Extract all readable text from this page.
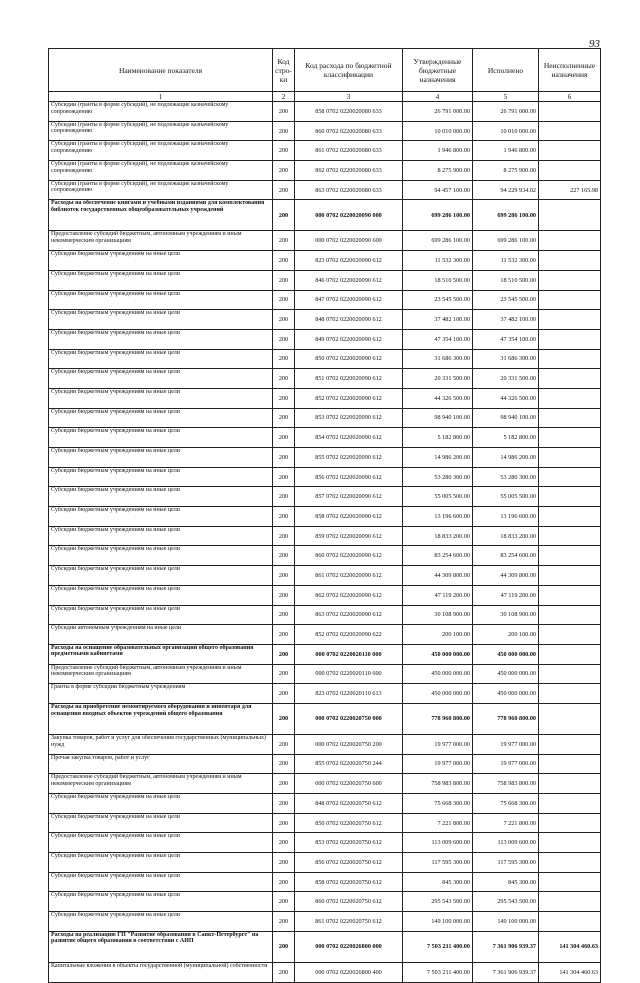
93
Наименование показателя	Код стро-ки	Код расхода по бюджетной классификации	Утвержденные бюджетные назначения	Исполнено	Неисполненные назначения
1	2	3	4	5	6
Субсидии (гранты в форме субсидий), не подлежащие казначейскому сопровождению	200	858 0702 0220020080 633	26 791 000.00	26 791 000.00	
Субсидии (гранты в форме субсидий), не подлежащие казначейскому сопровождению	200	860 0702 0220020080 633	10 010 000.00	10 010 000.00	
Субсидии (гранты в форме субсидий), не подлежащие казначейскому сопровождению	200	861 0702 0220020080 633	1 946 800.00	1 946 800.00	
Субсидии (гранты в форме субсидий), не подлежащие казначейскому сопровождению	200	862 0702 0220020080 633	8 275 900.00	8 275 900.00	
Субсидии (гранты в форме субсидий), не подлежащие казначейскому сопровождению	200	863 0702 0220020080 633	94 457 100.00	94 229 934.02	227 165.98
Расходы на обеспечение книгами и учебными изданиями для комплектования библиотек государственных общеобразовательных учреждений	200	000 0702 0220020090 000	699 286 100.00	699 286 100.00	
Предоставление субсидий бюджетным, автономным учреждениям и иным некоммерческим организациям	200	000 0702 0220020090 600	699 286 100.00	699 286 100.00	
Субсидии бюджетным учреждениям на иные цели	200	823 0702 0220020090 612	11 532 300.00	11 532 300.00	
Субсидии бюджетным учреждениям на иные цели	200	846 0702 0220020090 612	18 510 500.00	18 510 500.00	
Субсидии бюджетным учреждениям на иные цели	200	847 0702 0220020090 612	23 545 500.00	23 545 500.00	
Субсидии бюджетным учреждениям на иные цели	200	848 0702 0220020090 612	37 482 100.00	37 482 100.00	
Субсидии бюджетным учреждениям на иные цели	200	849 0702 0220020090 612	47 354 100.00	47 354 100.00	
Субсидии бюджетным учреждениям на иные цели	200	850 0702 0220020090 612	31 686 300.00	31 686 300.00	
Субсидии бюджетным учреждениям на иные цели	200	851 0702 0220020090 612	20 331 500.00	20 331 500.00	
Субсидии бюджетным учреждениям на иные цели	200	852 0702 0220020090 612	44 326 500.00	44 326 500.00	
Субсидии бюджетным учреждениям на иные цели	200	853 0702 0220020090 612	98 940 100.00	98 940 100.00	
Субсидии бюджетным учреждениям на иные цели	200	854 0702 0220020090 612	5 182 800.00	5 182 800.00	
Субсидии бюджетным учреждениям на иные цели	200	855 0702 0220020090 612	14 986 200.00	14 986 200.00	
Субсидии бюджетным учреждениям на иные цели	200	856 0702 0220020090 612	53 280 300.00	53 280 300.00	
Субсидии бюджетным учреждениям на иные цели	200	857 0702 0220020090 612	55 005 500.00	55 005 500.00	
Субсидии бюджетным учреждениям на иные цели	200	858 0702 0220020090 612	13 196 600.00	13 196 600.00	
Субсидии бюджетным учреждениям на иные цели	200	859 0702 0220020090 612	18 833 200.00	18 833 200.00	
Субсидии бюджетным учреждениям на иные цели	200	860 0702 0220020090 612	83 254 600.00	83 254 600.00	
Субсидии бюджетным учреждениям на иные цели	200	861 0702 0220020090 612	44 309 800.00	44 309 800.00	
Субсидии бюджетным учреждениям на иные цели	200	862 0702 0220020090 612	47 119 200.00	47 119 200.00	
Субсидии бюджетным учреждениям на иные цели	200	863 0702 0220020090 612	30 108 900.00	30 108 900.00	
Субсидии автономным учреждениям на иные цели	200	852 0702 0220020090 622	200 100.00	200 100.00	
Расходы на оснащение образовательных организаций общего образования предметными кабинетами	200	000 0702 0220020110 000	450 000 000.00	450 000 000.00	
Предоставление субсидий бюджетным, автономным учреждениям и иным некоммерческим организациям	200	000 0702 0220020110 600	450 000 000.00	450 000 000.00	
Гранты в форме субсидии бюджетным учреждениям	200	823 0702 0220020110 613	450 000 000.00	450 000 000.00	
Расходы на приобретение немонтируемого оборудования и инвентаря для оснащения вводных объектов учреждений общего образования	200	000 0702 0220020750 000	778 960 800.00	778 960 800.00	
Закупка товаров, работ и услуг для обеспечения государственных (муниципальных) нужд	200	000 0702 0220020750 200	19 977 000.00	19 977 000.00	
Прочая закупка товаров, работ и услуг	200	855 0702 0220020750 244	19 977 000.00	19 977 000.00	
Предоставление субсидий бюджетным, автономным учреждениям и иным некоммерческим организациям	200	000 0702 0220020750 600	758 983 800.00	758 983 800.00	
Субсидии бюджетным учреждениям на иные цели	200	848 0702 0220020750 612	75 668 300.00	75 668 300.00	
Субсидии бюджетным учреждениям на иные цели	200	850 0702 0220020750 612	7 221 800.00	7 221 800.00	
Субсидии бюджетным учреждениям на иные цели	200	853 0702 0220020750 612	113 009 600.00	113 009 600.00	
Субсидии бюджетным учреждениям на иные цели	200	856 0702 0220020750 612	117 595 300.00	117 595 300.00	
Субсидии бюджетным учреждениям на иные цели	200	858 0702 0220020750 612	845 300.00	845 300.00	
Субсидии бюджетным учреждениям на иные цели	200	860 0702 0220020750 612	295 543 500.00	295 543 500.00	
Субсидии бюджетным учреждениям на иные цели	200	861 0702 0220020750 612	149 100 000.00	149 100 000.00	
Расходы на реализацию ГП "Развитие образования в Санкт-Петербурге" на развитие общего образования в соответствии с АИП	200	000 0702 0220026800 000	7 503 211 400.00	7 361 906 939.37	141 304 460.63
Капитальные вложения в объекты государственной (муниципальной) собственности	200	000 0702 0220026800 400	7 503 211 400.00	7 361 906 939.37	141 304 460.63
